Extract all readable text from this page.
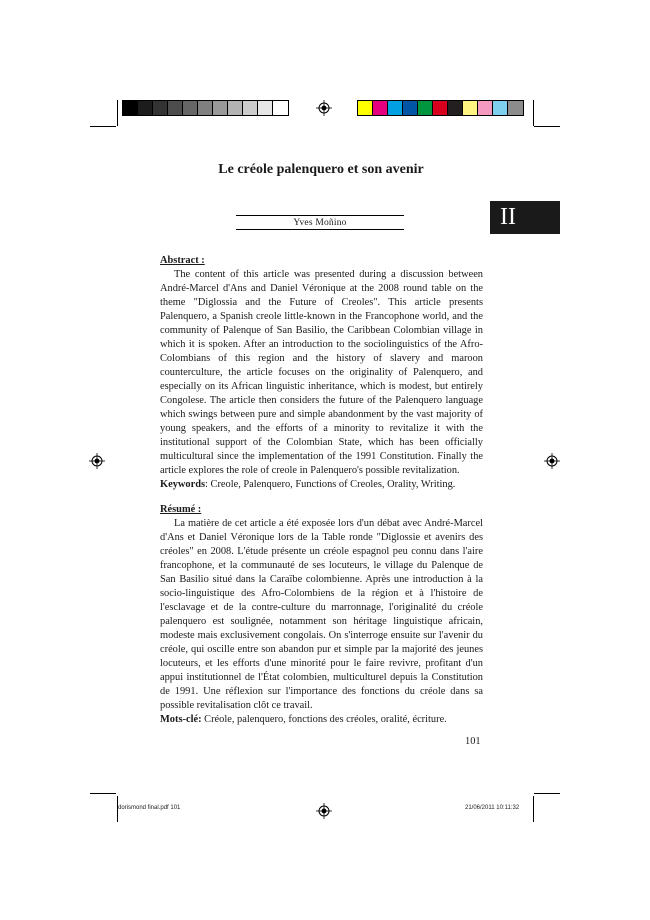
Le créole palenquero et son avenir
Yves Moñino	II
Abstract :

The content of this article was presented during a discussion between André-Marcel d'Ans and Daniel Véronique at the 2008 round table on the theme "Diglossia and the Future of Creoles". This article presents Palenquero, a Spanish creole little-known in the Francophone world, and the community of Palenque of San Basilio, the Caribbean Colombian village in which it is spoken. After an introduction to the sociolinguistics of the Afro-Colombians of this region and the history of slavery and maroon counterculture, the article focuses on the originality of Palenquero, and especially on its African linguistic inheritance, which is modest, but entirely Congolese. The article then considers the future of the Palenquero language which swings between pure and simple abandonment by the vast majority of young speakers, and the efforts of a minority to revitalize it with the institutional support of the Colombian State, which has been officially multicultural since the implementation of the 1991 Constitution. Finally the article explores the role of creole in Palenquero's possible revitalization.

Keywords: Creole, Palenquero, Functions of Creoles, Orality, Writing.

Résumé :

La matière de cet article a été exposée lors d'un débat avec André-Marcel d'Ans et Daniel Véronique lors de la Table ronde "Diglossie et avenirs des créoles" en 2008. L'étude présente un créole espagnol peu connu dans l'aire francophone, et la communauté de ses locuteurs, le village du Palenque de San Basilio situé dans la Caraïbe colombienne. Après une introduction à la socio-linguistique des Afro-Colombiens de la région et à l'histoire de l'esclavage et de la contre-culture du marronnage, l'originalité du créole palenquero est soulignée, notamment son héritage linguistique africain, modeste mais exclusivement congolais. On s'interroge ensuite sur l'avenir du créole, qui oscille entre son abandon pur et simple par la majorité des jeunes locuteurs, et les efforts d'une minorité pour le faire revivre, profitant d'un appui institutionnel de l'État colombien, multiculturel depuis la Constitution de 1991. Une réflexion sur l'importance des fonctions du créole dans sa possible revitalisation clôt ce travail.

Mots-clé: Créole, palenquero, fonctions des créoles, oralité, écriture.

101
dorismond final.pdf 101	21/06/2011 10:11:32
